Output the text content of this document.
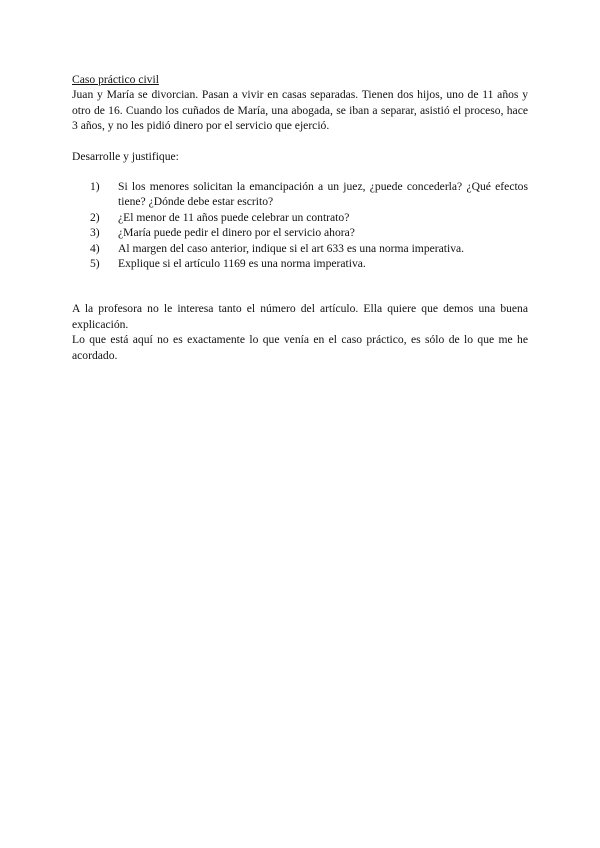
Caso práctico civil

Juan y María se divorcian. Pasan a vivir en casas separadas. Tienen dos hijos, uno de 11 años y otro de 16. Cuando los cuñados de María, una abogada, se iban a separar, asistió el proceso, hace 3 años, y no les pidió dinero por el servicio que ejerció.

Desarrolle y justifique:

1) Si los menores solicitan la emancipación a un juez, ¿puede concederla? ¿Qué efectos tiene? ¿Dónde debe estar escrito?
2) ¿El menor de 11 años puede celebrar un contrato?
3) ¿María puede pedir el dinero por el servicio ahora?
4) Al margen del caso anterior, indique si el art 633 es una norma imperativa.
5) Explique si el artículo 1169 es una norma imperativa.

A la profesora no le interesa tanto el número del artículo. Ella quiere que demos una buena explicación.

Lo que está aquí no es exactamente lo que venía en el caso práctico, es sólo de lo que me he acordado.
